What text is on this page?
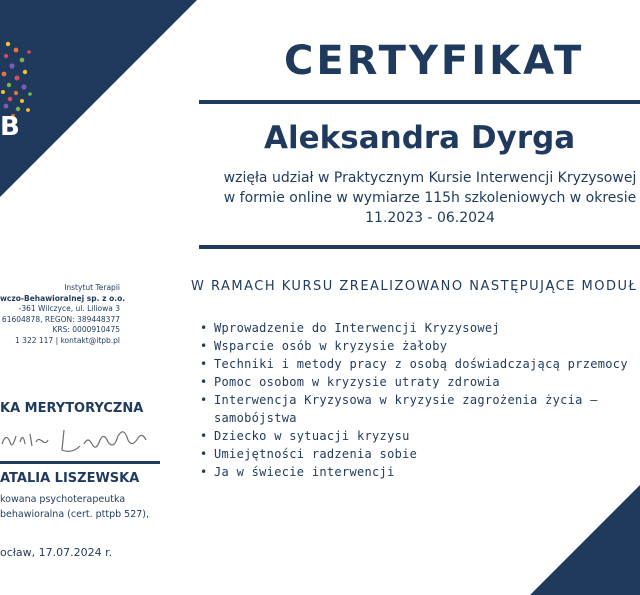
B
CERTYFIKAT
Aleksandra Dyrga
wzięła udział w Praktycznym Kursie Interwencji Kryzysowej
w formie online w wymiarze 115h szkoleniowych w okresie
11.2023 - 06.2024
W RAMACH KURSU ZREALIZOWANO NASTĘPUJĄCE MODUŁ
• Wprowadzenie do Interwencji Kryzysowej
• Wsparcie osób w kryzysie żałoby
• Techniki i metody pracy z osobą doświadczającą przemocy
• Pomoc osobom w kryzysie utraty zdrowia
• Interwencja Kryzysowa w kryzysie zagrożenia życia –
samobójstwa
• Dziecko w sytuacji kryzysu
• Umiejętności radzenia sobie
• Ja w świecie interwencji
Instytut Terapii
wczo-Behawioralnej sp. z o.o.
-361 Wilczyce, ul. Liliowa 3
61604878, REGON: 389448377
KRS: 0000910475
1 322 117 | kontakt@itpb.pl
KA MERYTORYCZNA
ATALIA LISZEWSKA
kowana psychoterapeutka
behawioralna (cert. pttpb 527),
ocław, 17.07.2024 r.
